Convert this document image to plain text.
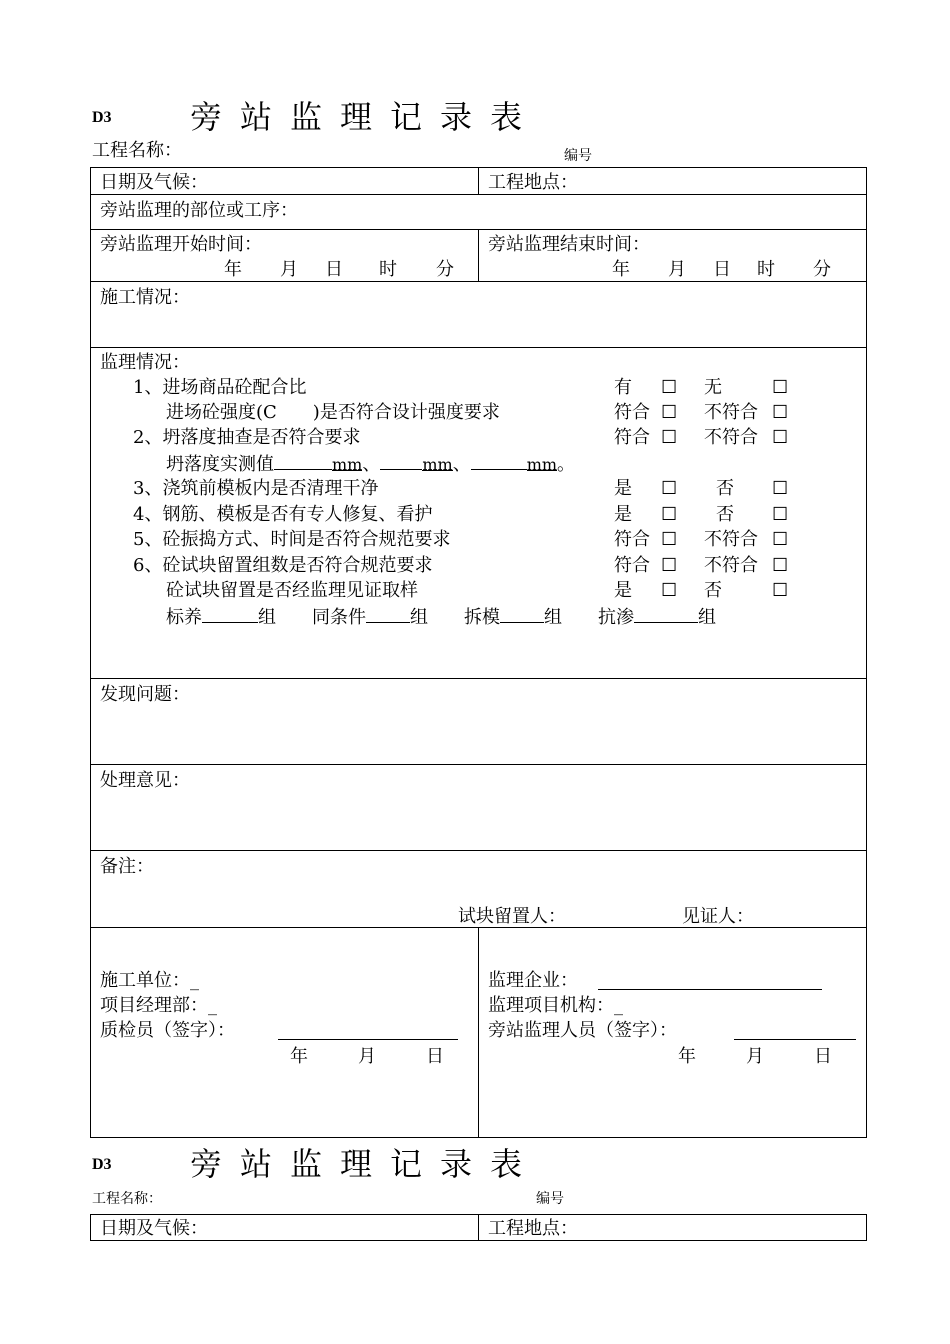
D3 旁站监理记录表
工程名称：	编号
日期及气候：	工程地点：
旁站监理的部位或工序：
旁站监理开始时间：
年 月 日 时 分
旁站监理结束时间：
年 月 日 时 分
施工情况：
监理情况：
1、进场商品砼配合比	有 ☐ 无	☐
进场砼强度(C )是否符合设计强度要求	符合 ☐ 不符合 ☐
2、坍落度抽查是否符合要求	符合 ☐ 不符合 ☐
坍落度实测值	mm、	mm、	mm。
3、浇筑前模板内是否清理干净	是 ☐ 否 ☐
4、钢筋、模板是否有专人修复、看护	是 ☐ 否 ☐
5、砼振捣方式、时间是否符合规范要求	符合 ☐ 不符合 ☐
6、砼试块留置组数是否符合规范要求	符合 ☐ 不符合 ☐
砼试块留置是否经监理见证取样	是 ☐ 否	☐
标养	组 同条件 组 拆模 组 抗渗	组
发现问题：
处理意见：
备注：
试块留置人：	见证人：
施工单位：_
项目经理部：_
质检员（签字）：
年	月	日
监理企业：
监理项目机构：_
旁站监理人员（签字）：
年	月	日
D3 旁站监理记录表
工程名称：	编号
日期及气候：	工程地点：
